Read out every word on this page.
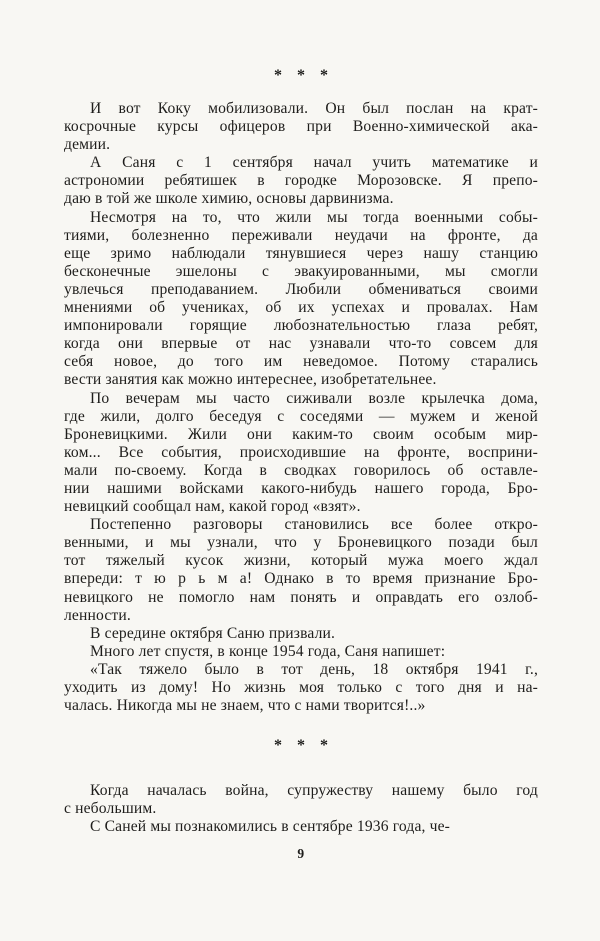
* * *
И вот Коку мобилизовали. Он был послан на крат-
косрочные курсы офицеров при Военно-химической ака-
демии.
А Саня с 1 сентября начал учить математике и
астрономии ребятишек в городке Морозовске. Я препо-
даю в той же школе химию, основы дарвинизма.
Несмотря на то, что жили мы тогда военными собы-
тиями, болезненно переживали неудачи на фронте, да
еще зримо наблюдали тянувшиеся через нашу станцию
бесконечные эшелоны с эвакуированными, мы смогли
увлечься преподаванием. Любили обмениваться своими
мнениями об учениках, об их успехах и провалах. Нам
импонировали горящие любознательностью глаза ребят,
когда они впервые от нас узнавали что-то совсем для
себя новое, до того им неведомое. Потому старались
вести занятия как можно интереснее, изобретательнее.
По вечерам мы часто сиживали возле крылечка дома,
где жили, долго беседуя с соседями — мужем и женой
Броневицкими. Жили они каким-то своим особым мир-
ком... Все события, происходившие на фронте, восприни-
мали по-своему. Когда в сводках говорилось об оставле-
нии нашими войсками какого-нибудь нашего города, Бро-
невицкий сообщал нам, какой город «взят».
Постепенно разговоры становились все более откро-
венными, и мы узнали, что у Броневицкого позади был
тот тяжелый кусок жизни, который мужа моего ждал
впереди: т ю р ь м а! Однако в то время признание Бро-
невицкого не помогло нам понять и оправдать его озлоб-
ленности.
В середине октября Саню призвали.
Много лет спустя, в конце 1954 года, Саня напишет:
«Так тяжело было в тот день, 18 октября 1941 г.,
уходить из дому! Но жизнь моя только с того дня и на-
чалась. Никогда мы не знаем, что с нами творится!..»
* * *
Когда началась война, супружеству нашему было год
с небольшим.
С Саней мы познакомились в сентябре 1936 года, че-
9
